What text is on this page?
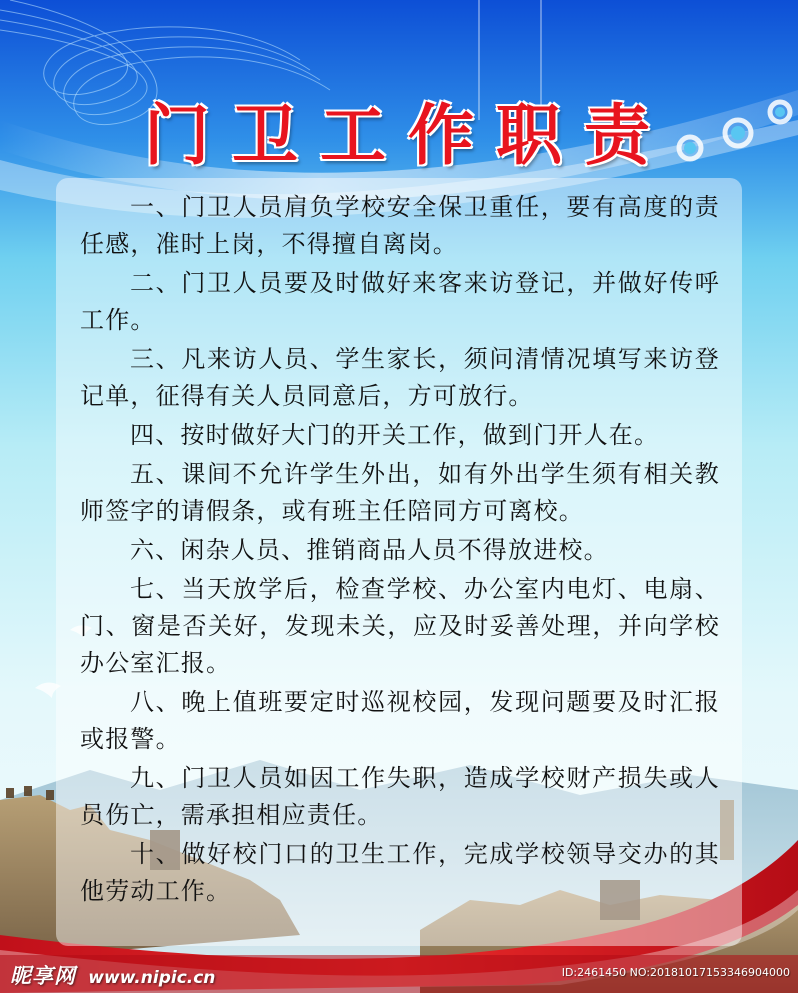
门卫工作职责

一、门卫人员肩负学校安全保卫重任，要有高度的责任感，准时上岗，不得擅自离岗。

二、门卫人员要及时做好来客来访登记，并做好传呼工作。

三、凡来访人员、学生家长，须问清情况填写来访登记单，征得有关人员同意后，方可放行。

四、按时做好大门的开关工作，做到门开人在。

五、课间不允许学生外出，如有外出学生须有相关教师签字的请假条，或有班主任陪同方可离校。

六、闲杂人员、推销商品人员不得放进校。

七、当天放学后，检查学校、办公室内电灯、电扇、门、窗是否关好，发现未关，应及时妥善处理，并向学校办公室汇报。

八、晚上值班要定时巡视校园，发现问题要及时汇报或报警。

九、门卫人员如因工作失职，造成学校财产损失或人员伤亡，需承担相应责任。

十、做好校门口的卫生工作，完成学校领导交办的其他劳动工作。

昵享网 www.nipic.cn	ID:2461450 NO:20181017153346904000
